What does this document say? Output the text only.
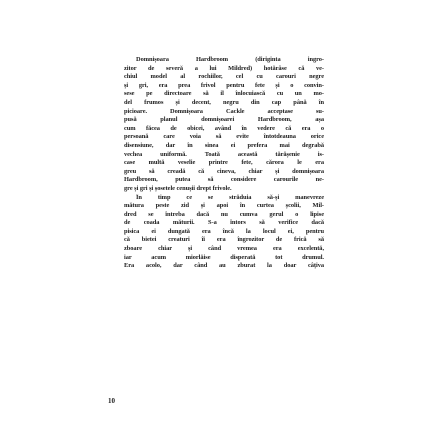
Domnișoara Hardbroom (diriginta ingro-
zitor de severă a lui Mildred) hotărâse că ve-
chiul model al rochiilor, cel cu carouri negre
și gri, era prea frivol pentru fete și o convin-
sese pe directoare să il înlocuiască cu un mo-
del frumos și decent, negru din cap până în
picioare. Domnișoara Cackle acceptase su-
pusă planul domnișoarei Hardbroom, așa
cum făcea de obicei, având în vedere că era o
persoană care voia să evite întotdeauna orice
disensiune, dar în sinea ei prefera mai degrabă
vechea uniformă. Toată această tărășenie is-
case multă veselie printre fete, cărora le era
greu să creadă că cineva, chiar și domnișoara
Hardbroom, putea să considere carourile ne-
gre și gri și șosetele cenușii drept frivole.
În timp ce se străduia să-și manevreze
mătura peste zid și apoi în curtea școlii, Mil-
dred se întreba dacă nu cumva gerul o lipise
de coada măturii. S-a întors să verifice dacă
pisica ei dungată era încă la locul ei, pentru
că bietei creaturi îi era îngrozitor de frică să
zboare chiar și când vremea era excelentă,
iar acum miorlăise disperată tot drumul.
Era acolo, dar când au zburat la doar câțiva
10
